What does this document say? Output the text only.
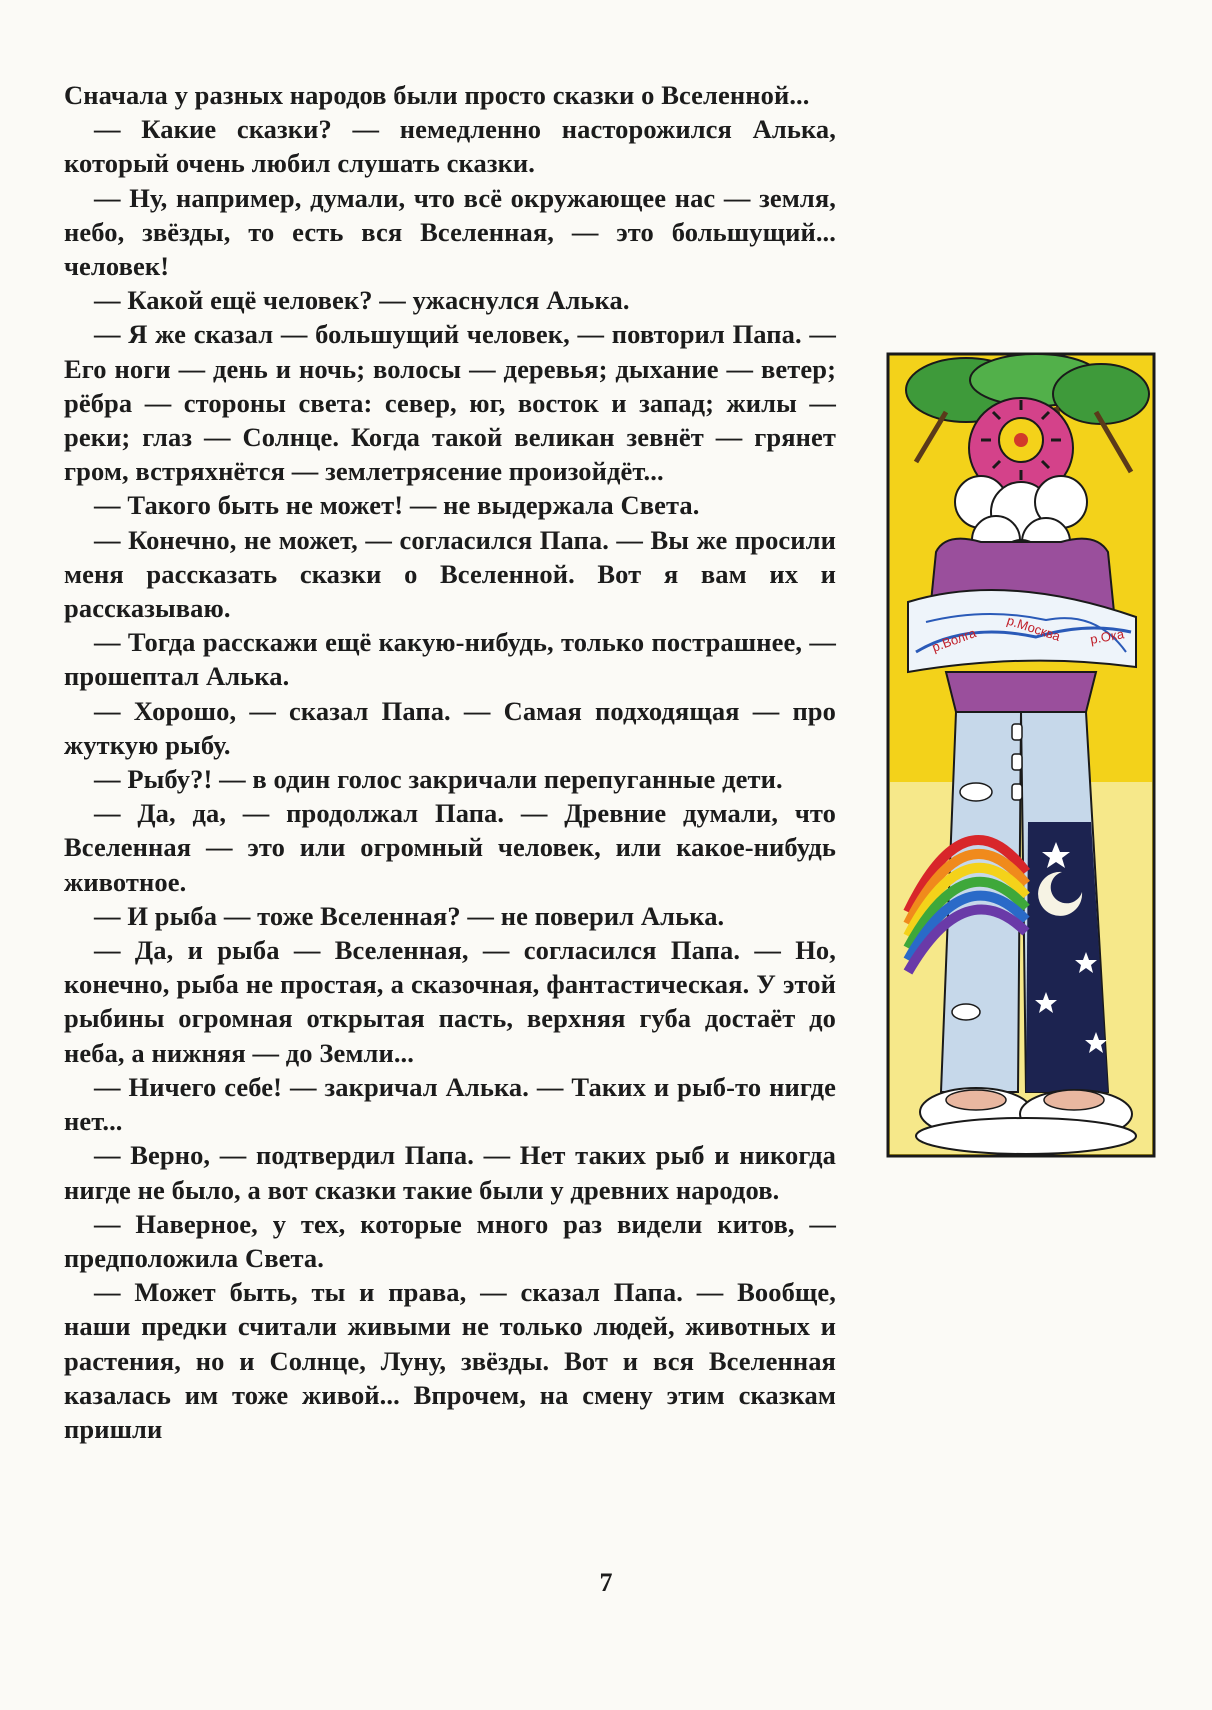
Сначала у разных народов были просто сказки о Вселенной...

— Какие сказки? — немедленно насторожился Алька, который очень любил слушать сказки.

— Ну, например, думали, что всё окружающее нас — земля, небо, звёзды, то есть вся Вселенная, — это большущий... человек!

— Какой ещё человек? — ужаснулся Алька.

— Я же сказал — большущий человек, — повторил Папа. — Его ноги — день и ночь; волосы — деревья; дыхание — ветер; рёбра — стороны света: север, юг, восток и запад; жилы — реки; глаз — Солнце. Когда такой великан зевнёт — грянет гром, встряхнётся — землетрясение произойдёт...

— Такого быть не может! — не выдержала Света.

— Конечно, не может, — согласился Папа. — Вы же просили меня рассказать сказки о Вселенной. Вот я вам их и рассказываю.

— Тогда расскажи ещё какую-нибудь, только пострашнее, — прошептал Алька.

— Хорошо, — сказал Папа. — Самая подходящая — про жуткую рыбу.

— Рыбу?! — в один голос закричали перепуганные дети.

— Да, да, — продолжал Папа. — Древние думали, что Вселенная — это или огромный человек, или какое-нибудь животное.

— И рыба — тоже Вселенная? — не поверил Алька.

— Да, и рыба — Вселенная, — согласился Папа. — Но, конечно, рыба не простая, а сказочная, фантастическая. У этой рыбины огромная открытая пасть, верхняя губа достаёт до неба, а нижняя — до Земли...

— Ничего себе! — закричал Алька. — Таких и рыб-то нигде нет...

— Верно, — подтвердил Папа. — Нет таких рыб и никогда нигде не было, а вот сказки такие были у древних народов.

— Наверное, у тех, которые много раз видели китов, — предположила Света.

— Может быть, ты и права, — сказал Папа. — Вообще, наши предки считали живыми не только людей, животных и растения, но и Солнце, Луну, звёзды. Вот и вся Вселенная казалась им тоже живой... Впрочем, на смену этим сказкам пришли

р.Волга р.Москва р.Ока
7
